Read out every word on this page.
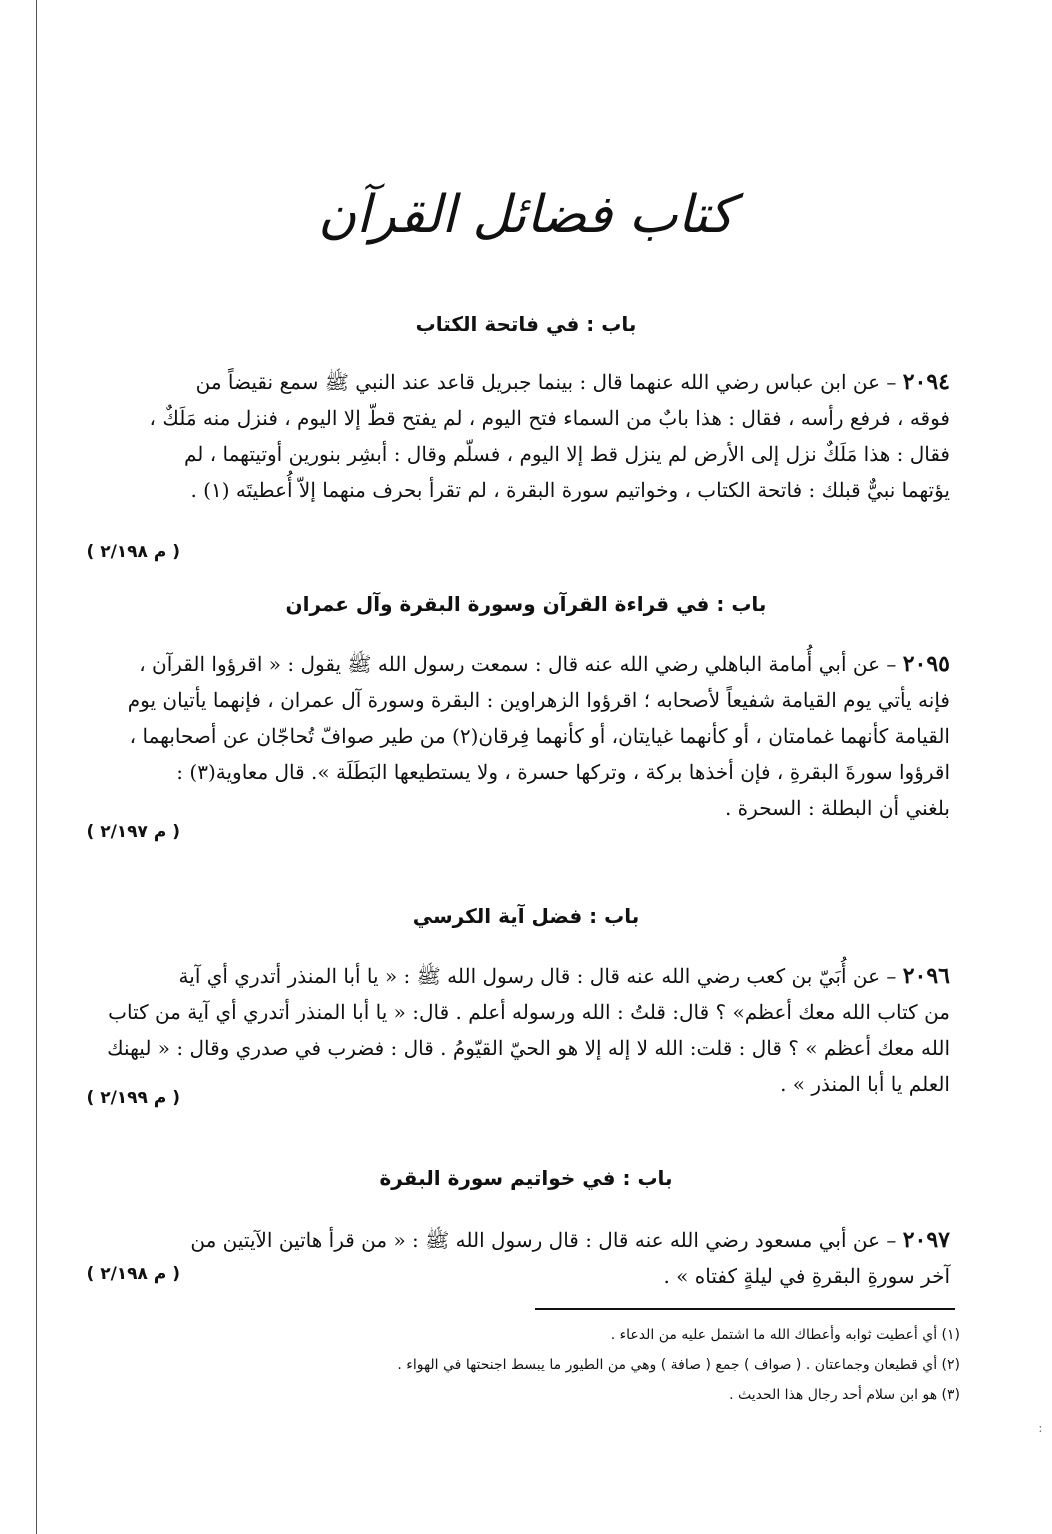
كتاب فضائل القرآن
باب : في فاتحة الكتاب
٢٠٩٤ – عن ابن عباس رضي الله عنهما قال : بينما جبريل قاعد عند النبي ﷺ سمع نقيضاً من
فوقه ، فرفع رأسه ، فقال : هذا بابٌ من السماء فتح اليوم ، لم يفتح قطّ إلا اليوم ، فنزل منه مَلَكٌ ،
فقال : هذا مَلَكٌ نزل إلى الأرض لم ينزل قط إلا اليوم ، فسلّم وقال : أبشِر بنورين أوتيتهما ، لم
يؤتهما نبيٌّ قبلك : فاتحة الكتاب ، وخواتيم سورة البقرة ، لم تقرأ بحرف منهما إلاّ أُعطيتَه (١) .
( م ٢/١٩٨ )
باب : في قراءة القرآن وسورة البقرة وآل عمران
٢٠٩٥ – عن أبي أُمامة الباهلي رضي الله عنه قال : سمعت رسول الله ﷺ يقول : « اقرؤوا القرآن ،
فإنه يأتي يوم القيامة شفيعاً لأصحابه ؛ اقرؤوا الزهراوين : البقرة وسورة آل عمران ، فإنهما يأتيان يوم
القيامة كأنهما غمامتان ، أو كأنهما غيايتان، أو كأنهما فِرقان(٢) من طير صوافّ تُحاجّان عن أصحابهما ،
اقرؤوا سورةَ البقرةِ ، فإن أخذها بركة ، وتركها حسرة ، ولا يستطيعها البَطَلَة ». قال معاوية(٣) :
بلغني أن البطلة : السحرة .
( م ٢/١٩٧ )
باب : فضل آية الكرسي
٢٠٩٦ – عن أُبَيّ بن كعب رضي الله عنه قال : قال رسول الله ﷺ : « يا أبا المنذر أتدري أي آية
من كتاب الله معك أعظم» ؟ قال: قلتُ : الله ورسوله أعلم . قال: « يا أبا المنذر أتدري أي آية من كتاب
الله معك أعظم » ؟ قال : قلت: الله لا إله إلا هو الحيّ القيّومُ . قال : فضرب في صدري وقال : « ليهنك
العلم يا أبا المنذر » .
( م ٢/١٩٩ )
باب : في خواتيم سورة البقرة
٢٠٩٧ – عن أبي مسعود رضي الله عنه قال : قال رسول الله ﷺ : « من قرأ هاتين الآيتين من
آخر سورةِ البقرةِ في ليلةٍ كفتاه » .
( م ٢/١٩٨ )
(١) أي أعطيت ثوابه وأعطاك الله ما اشتمل عليه من الدعاء .
(٢) أي قطيعان وجماعتان . ( صواف ) جمع ( صافة ) وهي من الطيور ما يبسط اجنحتها في الهواء .
(٣) هو ابن سلام أحد رجال هذا الحديث .
ː
